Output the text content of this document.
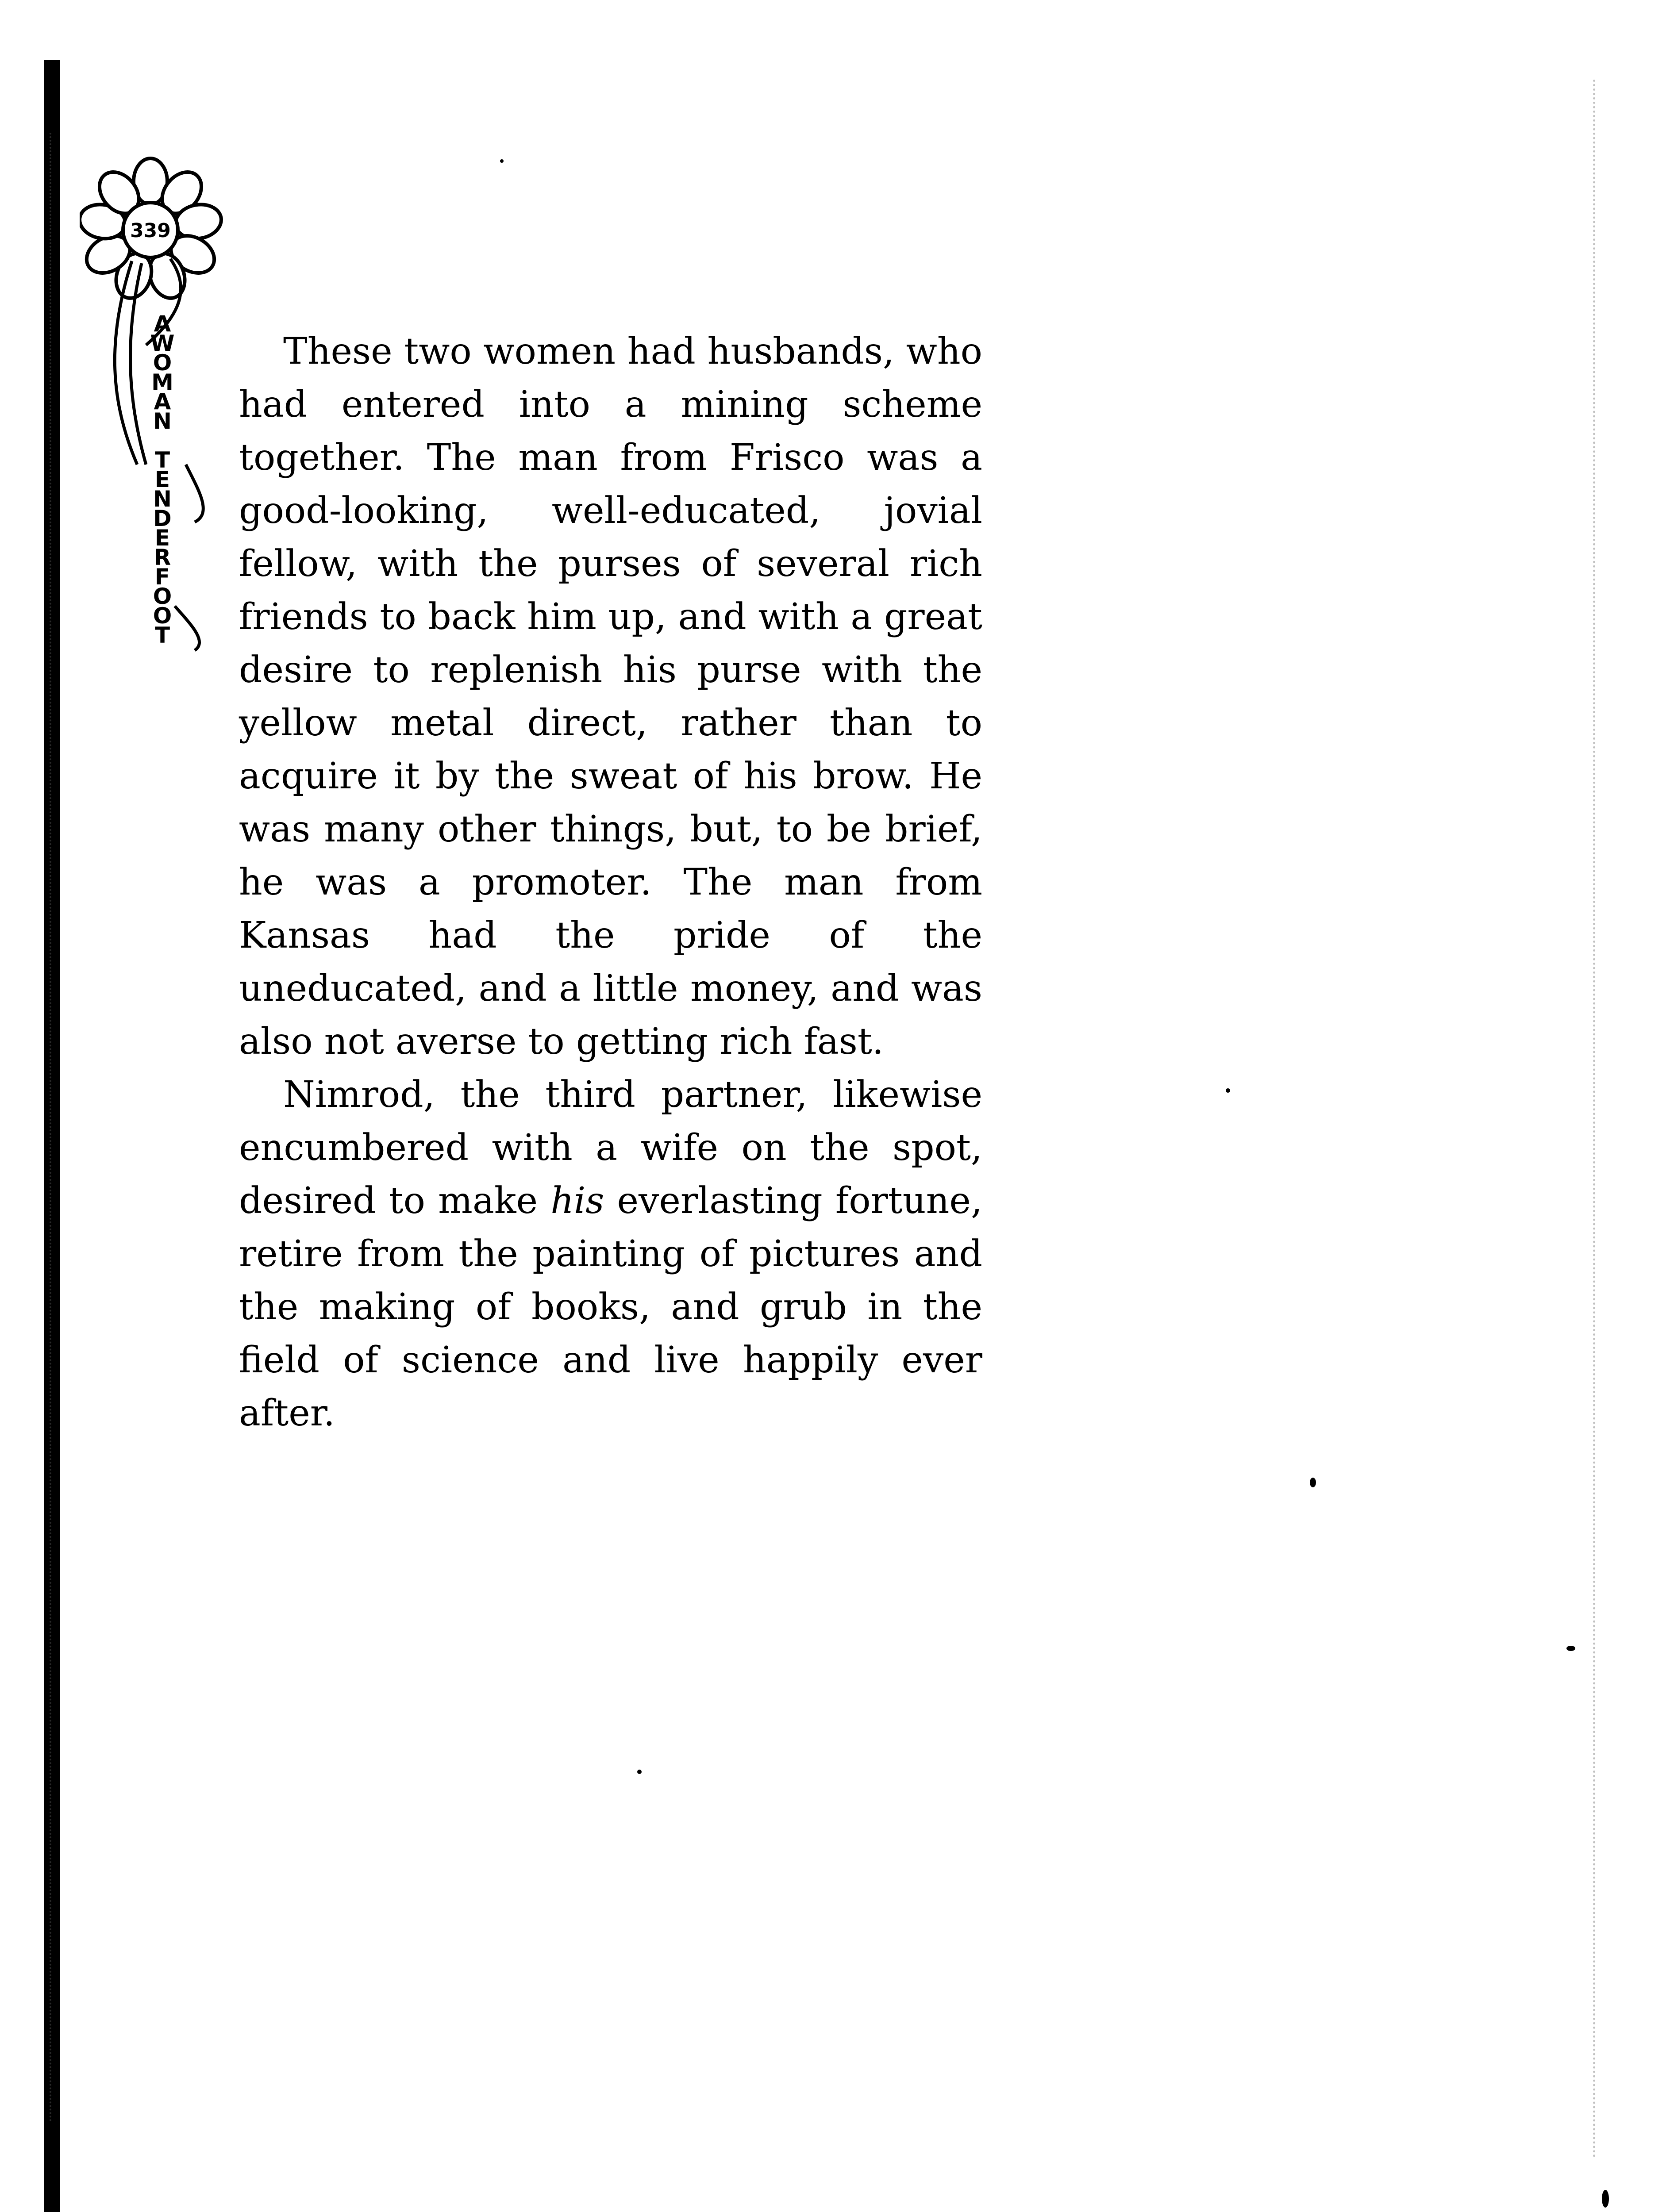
339
A
W
O
M
A
N

T
E
N
D
E
R
F
O
O
T

These two women had husbands, who had entered into a mining scheme together. The man from Frisco was a good-looking, well-educated, jovial fellow, with the purses of several rich friends to back him up, and with a great desire to replenish his purse with the yellow metal direct, rather than to acquire it by the sweat of his brow. He was many other things, but, to be brief, he was a promoter. The man from Kansas had the pride of the uneducated, and a little money, and was also not averse to getting rich fast.

Nimrod, the third partner, likewise encumbered with a wife on the spot, desired to make his everlasting fortune, retire from the painting of pictures and the making of books, and grub in the field of science and live happily ever after.
